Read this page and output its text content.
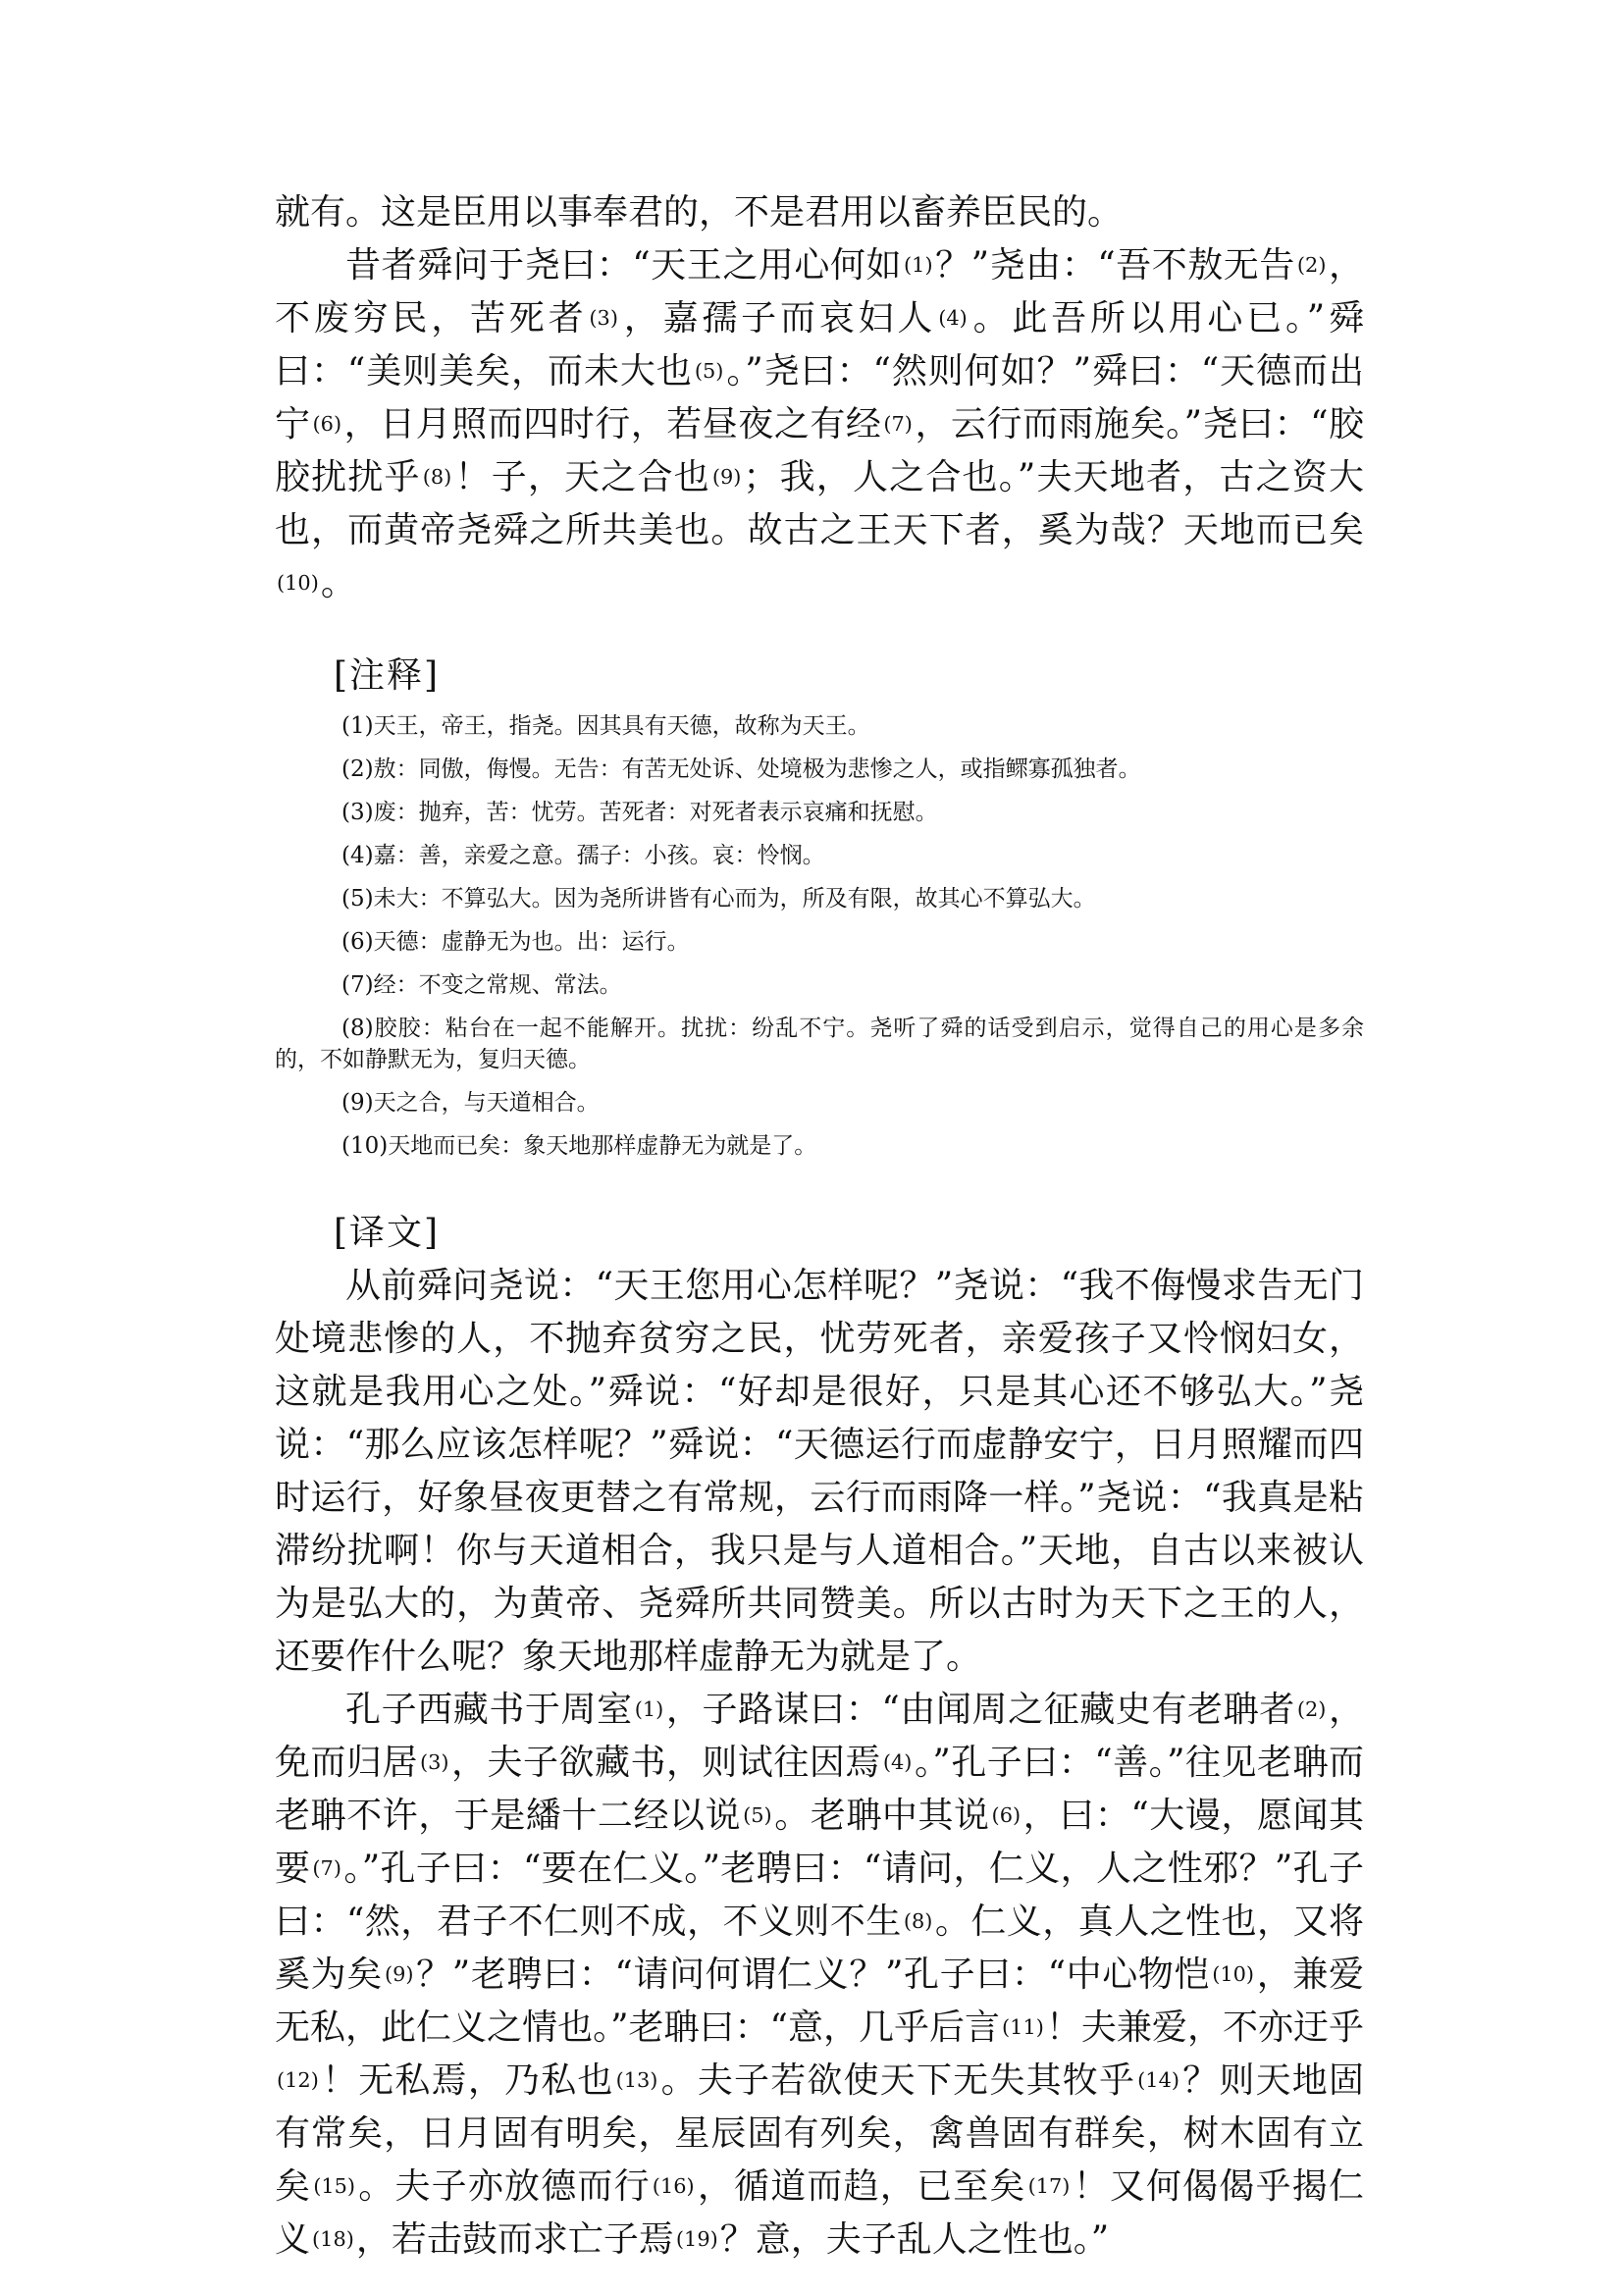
就有。这是臣用以事奉君的，不是君用以畜养臣民的。

昔者舜问于尧曰：“天王之用心何如$^{(1)}$？”尧由：“吾不敖无告$^{(2)}$，不废穷民，苦死者$^{(3)}$，嘉孺子而哀妇人$^{(4)}$。此吾所以用心已。”舜曰：“美则美矣，而未大也$^{(5)}$。”尧曰：“然则何如？”舜曰：“天德而出宁$^{(6)}$，日月照而四时行，若昼夜之有经$^{(7)}$，云行而雨施矣。”尧曰：“胶胶扰扰乎$^{(8)}$！子，天之合也$^{(9)}$；我，人之合也。”夫天地者，古之资大也，而黄帝尧舜之所共美也。故古之王天下者，奚为哉？天地而已矣$^{(10)}$。

[注释]

(1)天王，帝王，指尧。因其具有天德，故称为天王。

(2)敖：同傲，侮慢。无告：有苦无处诉、处境极为悲惨之人，或指鳏寡孤独者。

(3)废：抛弃，苦：忧劳。苦死者：对死者表示哀痛和抚慰。

(4)嘉：善，亲爱之意。孺子：小孩。哀：怜悯。

(5)未大：不算弘大。因为尧所讲皆有心而为，所及有限，故其心不算弘大。

(6)天德：虚静无为也。出：运行。

(7)经：不变之常规、常法。

(8)胶胶：粘台在一起不能解开。扰扰：纷乱不宁。尧听了舜的话受到启示，觉得自己的用心是多余的，不如静默无为，复归天德。

(9)天之合，与天道相合。

(10)天地而已矣：象天地那样虚静无为就是了。

[译文]

从前舜问尧说：“天王您用心怎样呢？”尧说：“我不侮慢求告无门处境悲惨的人，不抛弃贫穷之民，忧劳死者，亲爱孩子又怜悯妇女，这就是我用心之处。”舜说：“好却是很好，只是其心还不够弘大。”尧说：“那么应该怎样呢？”舜说：“天德运行而虚静安宁，日月照耀而四时运行，好象昼夜更替之有常规，云行而雨降一样。”尧说：“我真是粘滞纷扰啊！你与天道相合，我只是与人道相合。”天地，自古以来被认为是弘大的，为黄帝、尧舜所共同赞美。所以古时为天下之王的人，还要作什么呢？象天地那样虚静无为就是了。

孔子西藏书于周室$^{(1)}$，子路谋曰：“由闻周之征藏史有老聃者$^{(2)}$，免而归居$^{(3)}$，夫子欲藏书，则试往因焉$^{(4)}$。”孔子曰：“善。”往见老聃而老聃不许，于是繙十二经以说$^{(5)}$。老聃中其说$^{(6)}$，曰：“大谩，愿闻其要$^{(7)}$。”孔子曰：“要在仁义。”老聘曰：“请问，仁义，人之性邪？”孔子曰：“然，君子不仁则不成，不义则不生$^{(8)}$。仁义，真人之性也，又将奚为矣$^{(9)}$？”老聘曰：“请问何谓仁义？”孔子曰：“中心物恺$^{(10)}$，兼爱无私，此仁义之情也。”老聃曰：“意，几乎后言$^{(11)}$！夫兼爱，不亦迂乎$^{(12)}$！无私焉，乃私也$^{(13)}$。夫子若欲使天下无失其牧乎$^{(14)}$？则天地固有常矣，日月固有明矣，星辰固有列矣，禽兽固有群矣，树木固有立矣$^{(15)}$。夫子亦放德而行$^{(16)}$，循道而趋，已至矣$^{(17)}$！又何偈偈乎揭仁义$^{(18)}$，若击鼓而求亡子焉$^{(19)}$？意，夫子乱人之性也。”
